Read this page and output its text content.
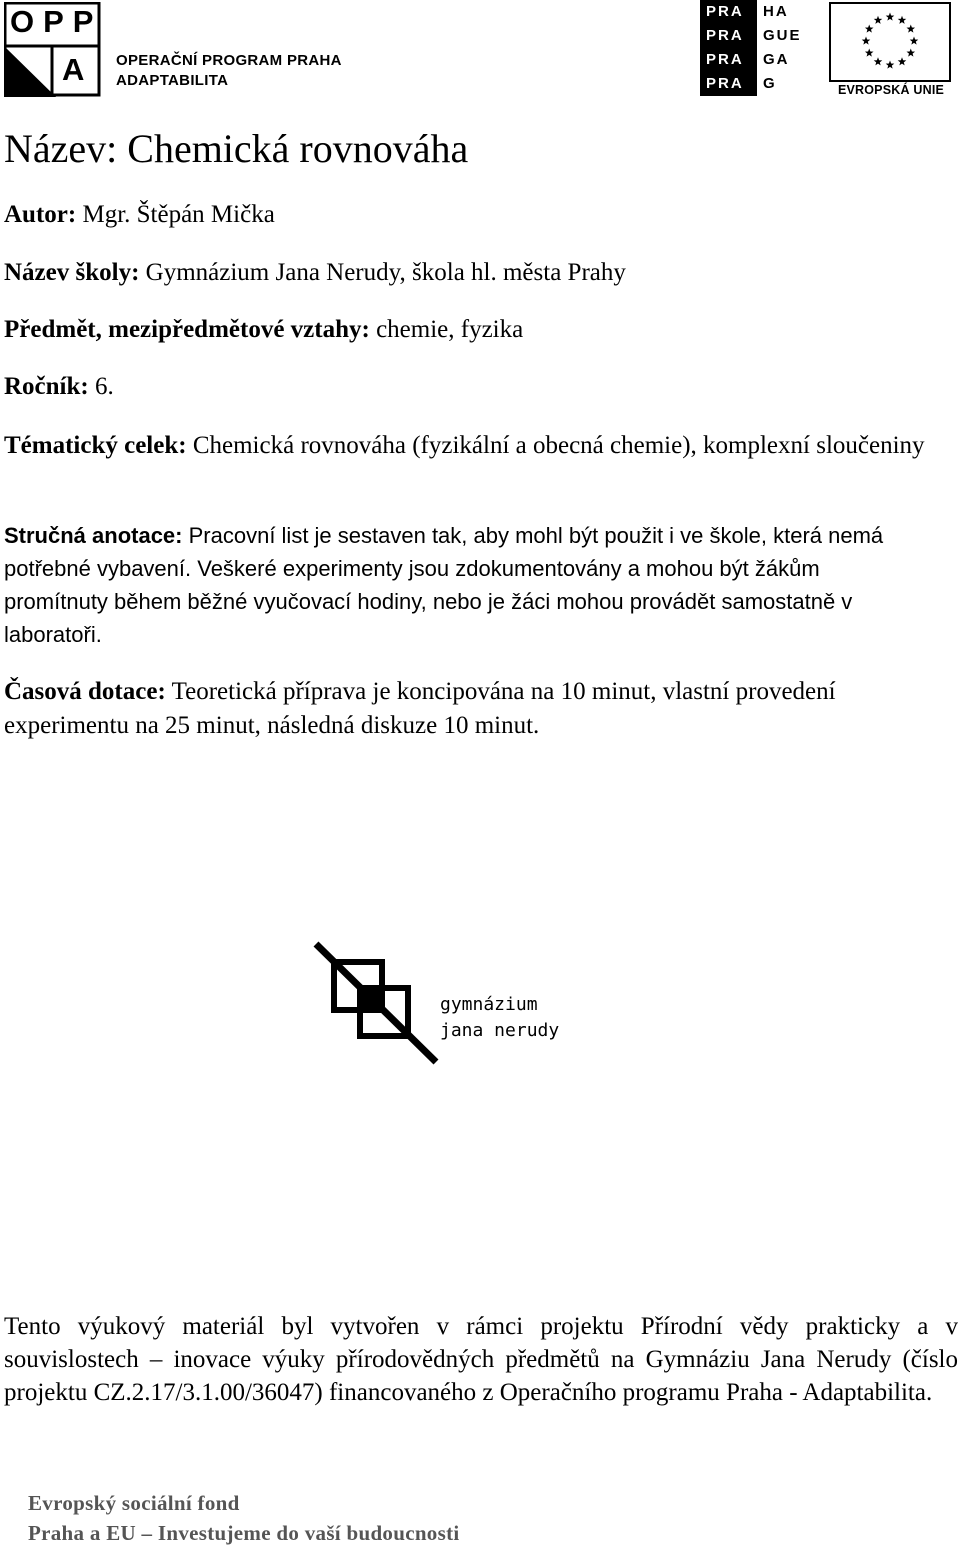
OPP
A OPERAČNÍ PROGRAM PRAHA
ADAPTABILITA
PRA	HA
PRA	GUE
PRA	GA
PRA	G	EVROPSKÁ UNIE
Název: Chemická rovnováha

Autor: Mgr. Štěpán Mička

Název školy: Gymnázium Jana Nerudy, škola hl. města Prahy

Předmět, mezipředmětové vztahy: chemie, fyzika

Ročník: 6.

Tématický celek: Chemická rovnováha (fyzikální a obecná chemie), komplexní sloučeniny

Stručná anotace: Pracovní list je sestaven tak, aby mohl být použit i ve škole, která nemá potřebné vybavení. Veškeré experimenty jsou zdokumentovány a mohou být žákům promítnuty během běžné vyučovací hodiny, nebo je žáci mohou provádět samostatně v laboratoři.

Časová dotace: Teoretická příprava je koncipována na 10 minut, vlastní provedení experimentu na 25 minut, následná diskuze 10 minut.

gymnázium
jana nerudy

Tento výukový materiál byl vytvořen v rámci projektu Přírodní vědy prakticky a v souvislostech – inovace výuky přírodovědných předmětů na Gymnáziu Jana Nerudy (číslo projektu CZ.2.17/3.1.00/36047) financovaného z Operačního programu Praha - Adaptabilita.

Evropský sociální fond
Praha a EU – Investujeme do vaší budoucnosti
